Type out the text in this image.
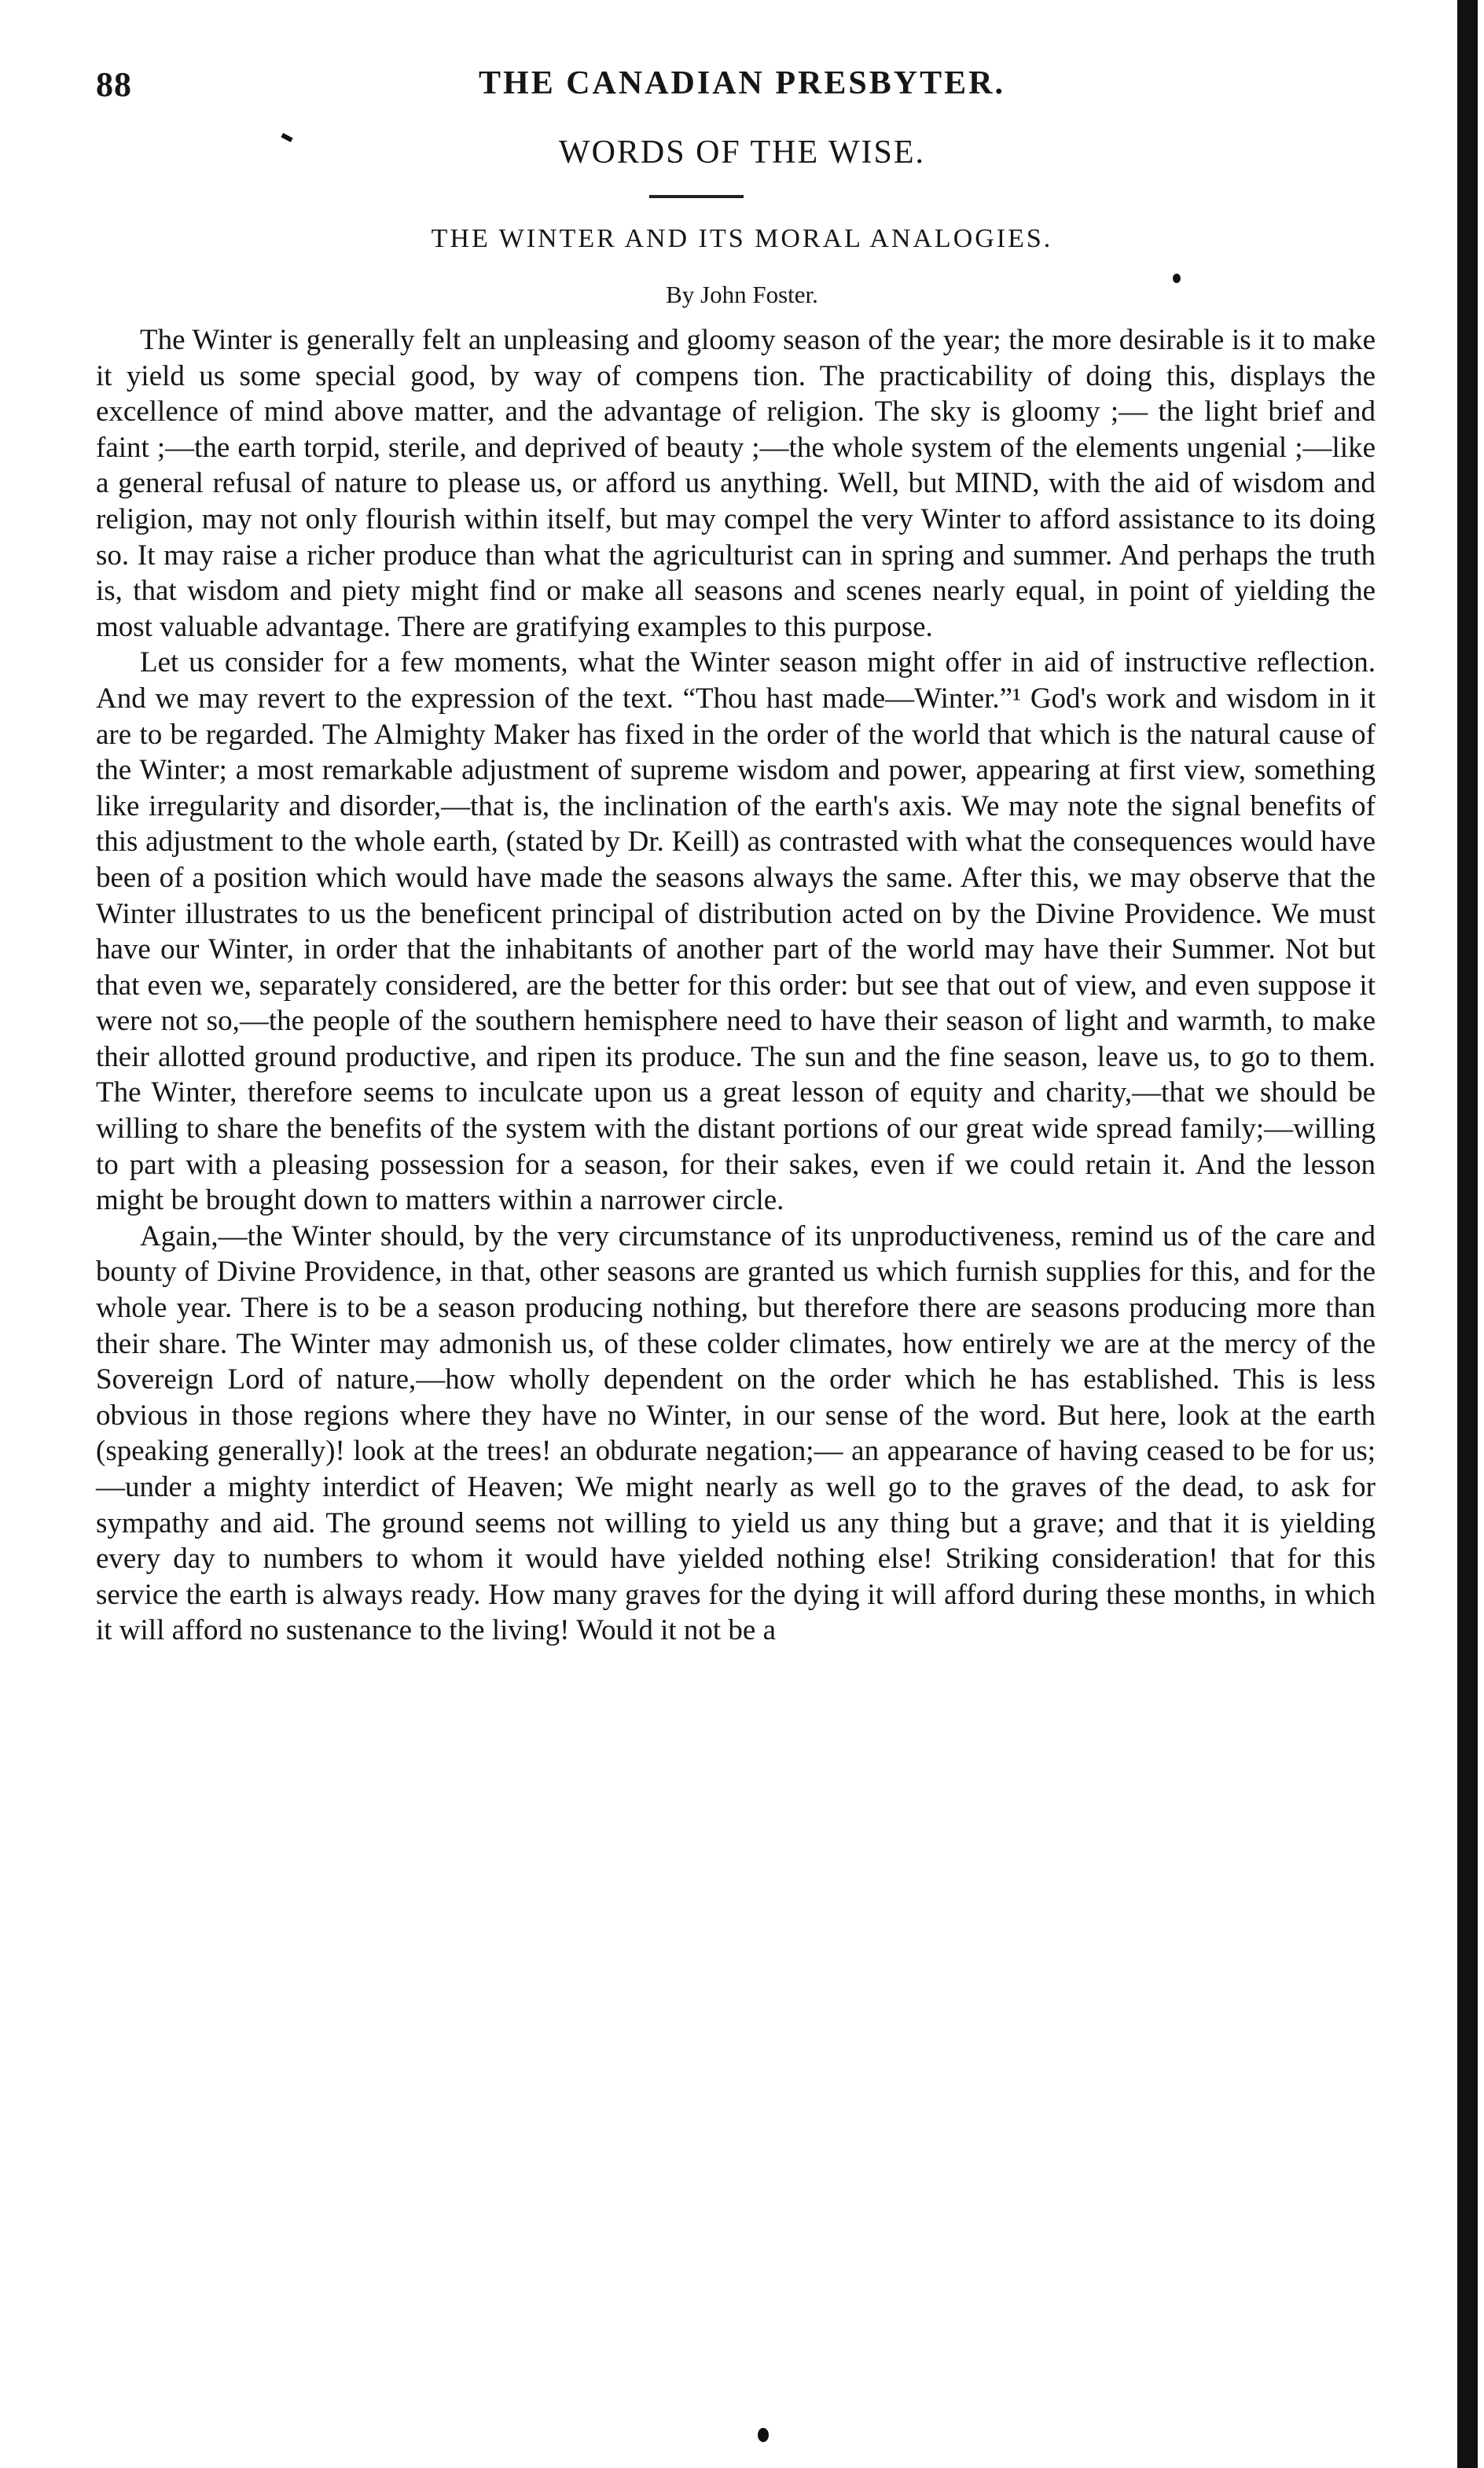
88	THE CANADIAN PRESBYTER.
WORDS OF THE WISE.
THE WINTER AND ITS MORAL ANALOGIES.
By John Foster.

The Winter is generally felt an unpleasing and gloomy season of the year; the more desirable is it to make it yield us some special good, by way of compens tion. The practicability of doing this, displays the excellence of mind above matter, and the advantage of religion. The sky is gloomy ;— the light brief and faint ;—the earth torpid, sterile, and deprived of beauty ;—the whole system of the elements ungenial ;—like a general refusal of nature to please us, or afford us anything. Well, but MIND, with the aid of wisdom and religion, may not only flourish within itself, but may compel the very Winter to afford assistance to its doing so. It may raise a richer produce than what the agriculturist can in spring and summer. And perhaps the truth is, that wisdom and piety might find or make all seasons and scenes nearly equal, in point of yielding the most valuable advantage. There are gratifying examples to this purpose.

Let us consider for a few moments, what the Winter season might offer in aid of instructive reflection. And we may revert to the expression of the text. “Thou hast made—Winter.”¹ God's work and wisdom in it are to be regarded. The Almighty Maker has fixed in the order of the world that which is the natural cause of the Winter; a most remarkable adjustment of supreme wisdom and power, appearing at first view, something like irregularity and disorder,—that is, the inclination of the earth's axis. We may note the signal benefits of this adjustment to the whole earth, (stated by Dr. Keill) as contrasted with what the consequences would have been of a position which would have made the seasons always the same. After this, we may observe that the Winter illustrates to us the beneficent principal of distribution acted on by the Divine Providence. We must have our Winter, in order that the inhabitants of another part of the world may have their Summer. Not but that even we, separately considered, are the better for this order: but see that out of view, and even suppose it were not so,—the people of the southern hemisphere need to have their season of light and warmth, to make their allotted ground productive, and ripen its produce. The sun and the fine season, leave us, to go to them. The Winter, therefore seems to inculcate upon us a great lesson of equity and charity,—that we should be willing to share the benefits of the system with the distant portions of our great wide spread family;—willing to part with a pleasing possession for a season, for their sakes, even if we could retain it. And the lesson might be brought down to matters within a narrower circle.

Again,—the Winter should, by the very circumstance of its unproductiveness, remind us of the care and bounty of Divine Providence, in that, other seasons are granted us which furnish supplies for this, and for the whole year. There is to be a season producing nothing, but therefore there are seasons producing more than their share. The Winter may admonish us, of these colder climates, how entirely we are at the mercy of the Sovereign Lord of nature,—how wholly dependent on the order which he has established. This is less obvious in those regions where they have no Winter, in our sense of the word. But here, look at the earth (speaking generally)! look at the trees! an obdurate negation;— an appearance of having ceased to be for us;—under a mighty interdict of Heaven; We might nearly as well go to the graves of the dead, to ask for sympathy and aid. The ground seems not willing to yield us any thing but a grave; and that it is yielding every day to numbers to whom it would have yielded nothing else! Striking consideration! that for this service the earth is always ready. How many graves for the dying it will afford during these months, in which it will afford no sustenance to the living! Would it not be a
